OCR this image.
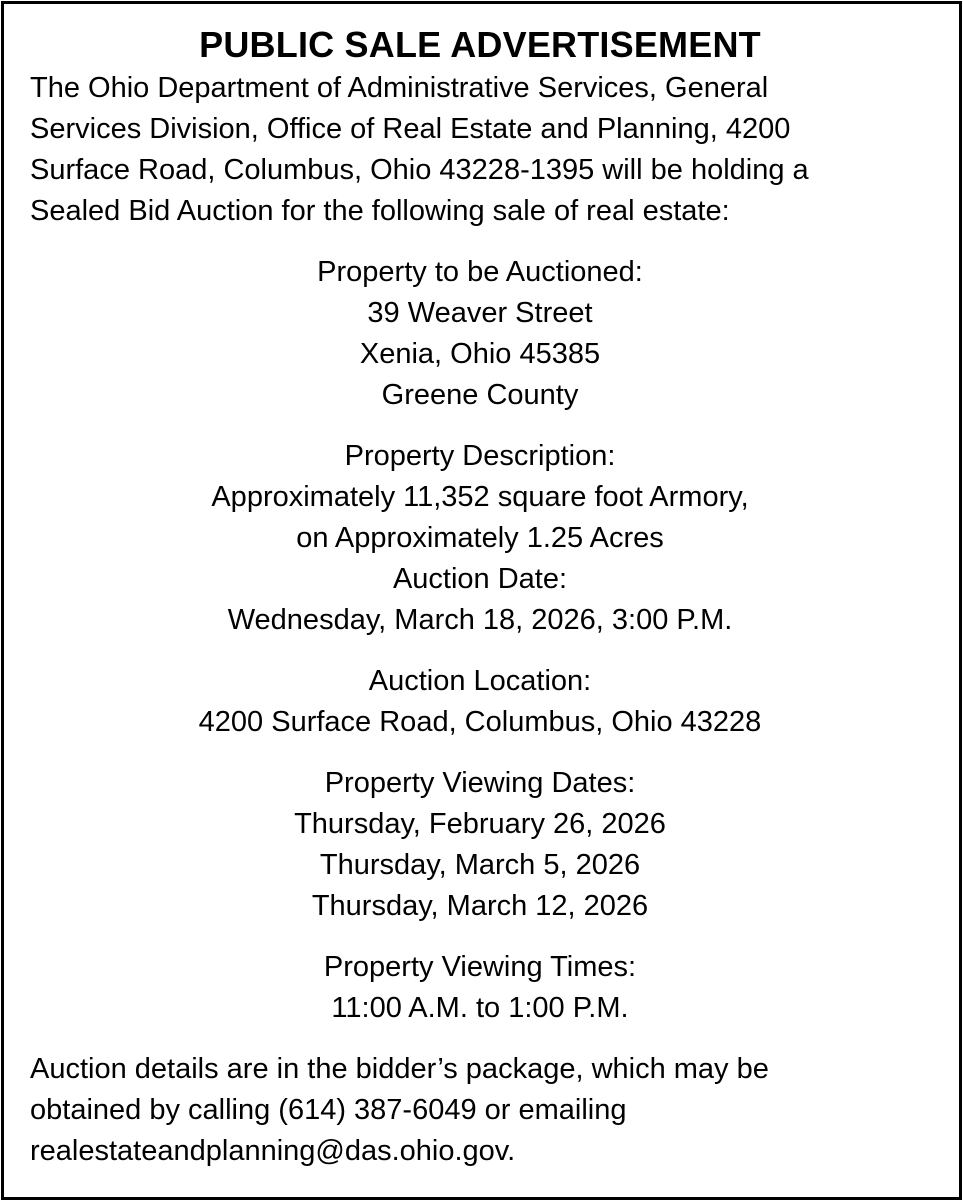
PUBLIC SALE ADVERTISEMENT
The Ohio Department of Administrative Services, General
Services Division, Office of Real Estate and Planning, 4200
Surface Road, Columbus, Ohio 43228-1395 will be holding a
Sealed Bid Auction for the following sale of real estate:
Property to be Auctioned:
39 Weaver Street
Xenia, Ohio 45385
Greene County
Property Description:
Approximately 11,352 square foot Armory,
on Approximately 1.25 Acres
Auction Date:
Wednesday, March 18, 2026, 3:00 P.M.
Auction Location:
4200 Surface Road, Columbus, Ohio 43228
Property Viewing Dates:
Thursday, February 26, 2026
Thursday, March 5, 2026
Thursday, March 12, 2026
Property Viewing Times:
11:00 A.M. to 1:00 P.M.
Auction details are in the bidder’s package, which may be
obtained by calling (614) 387-6049 or emailing
realestateandplanning@das.ohio.gov.
